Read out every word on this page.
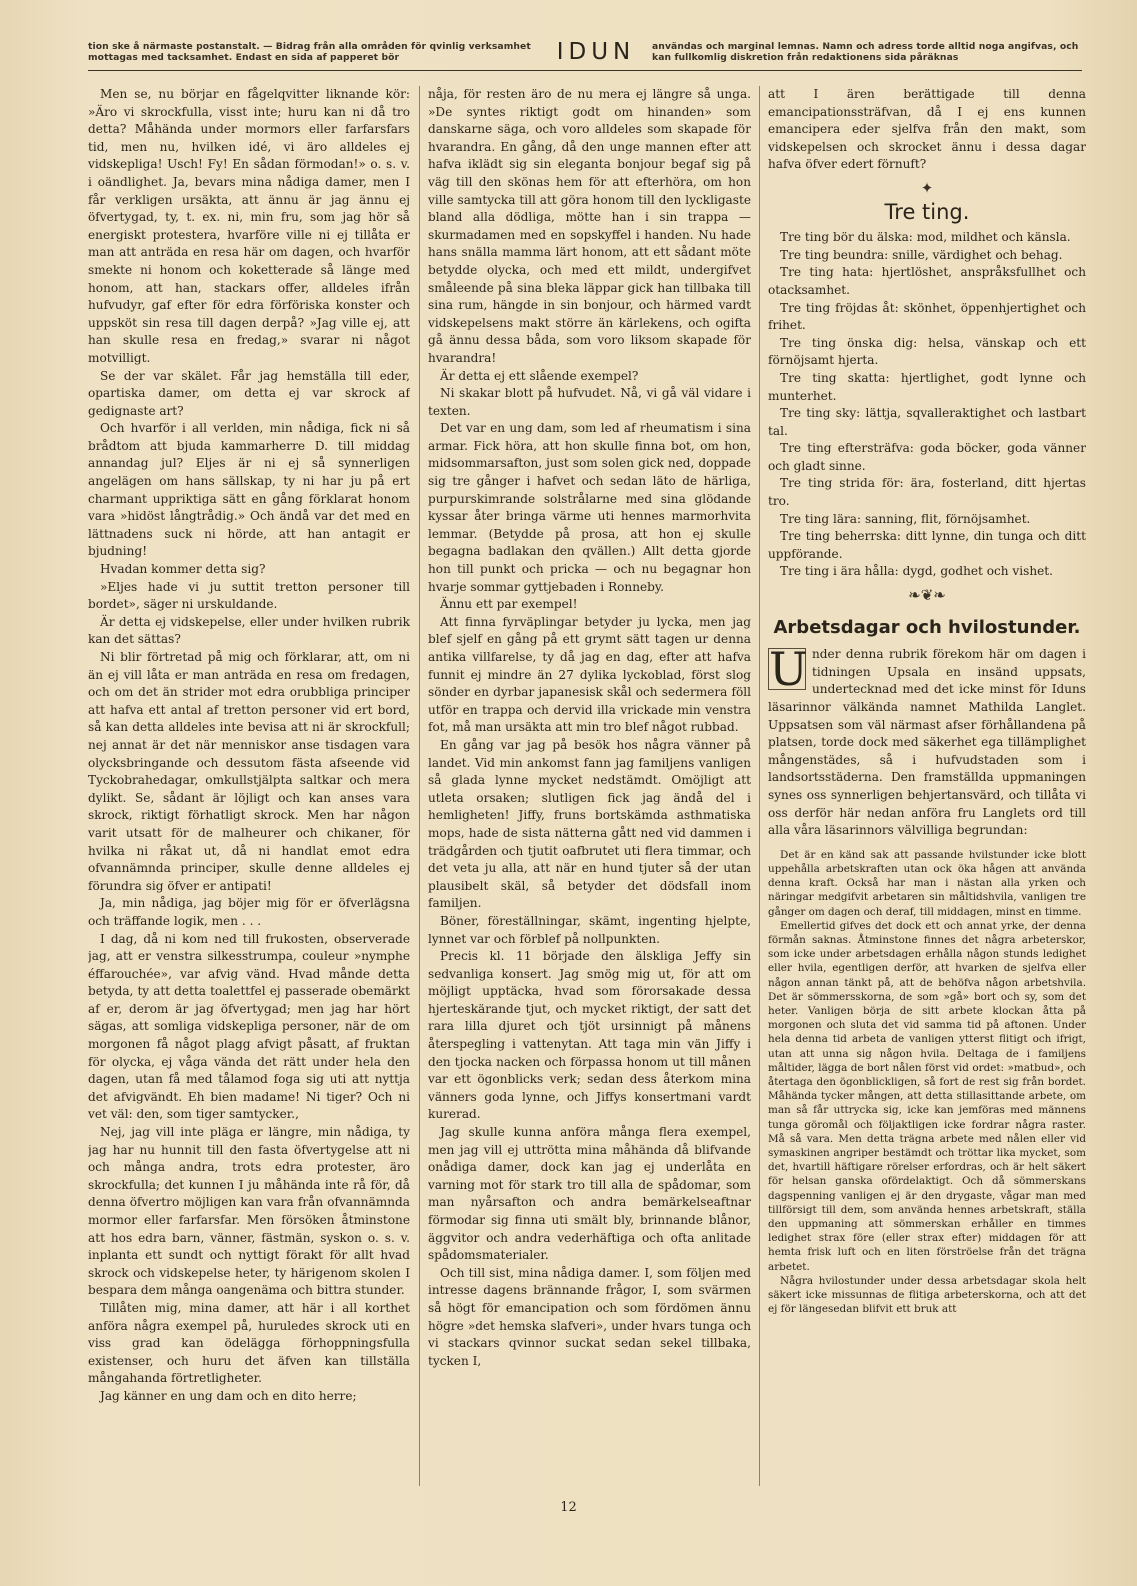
tion ske å närmaste postanstalt. — Bidrag från alla områden för qvinlig verksamhet mottagas med tacksamhet. Endast en sida af papperet bör	IDUN	användas och marginal lemnas. Namn och adress torde alltid noga angifvas, och kan fullkomlig diskretion från redaktionens sida påräknas

Men se, nu börjar en fågelqvitter liknande kör: »Äro vi skrockfulla, visst inte; huru kan ni då tro detta? Måhända under mormors eller farfarsfars tid, men nu, hvilken idé, vi äro alldeles ej vidskepliga! Usch! Fy! En sådan förmodan!» o. s. v. i oändlighet. Ja, bevars mina nådiga damer, men I får verkligen ursäkta, att ännu är jag ännu ej öfvertygad, ty, t. ex. ni, min fru, som jag hör så energiskt protestera, hvarföre ville ni ej tillåta er man att anträda en resa här om dagen, och hvarför smekte ni honom och koketterade så länge med honom, att han, stackars offer, alldeles ifrån hufvudyr, gaf efter för edra förföriska konster och uppsköt sin resa till dagen derpå? »Jag ville ej, att han skulle resa en fredag,» svarar ni något motvilligt.

Se der var skälet. Får jag hemställa till eder, opartiska damer, om detta ej var skrock af gedignaste art?

Och hvarför i all verlden, min nådiga, fick ni så brådtom att bjuda kammarherre D. till middag annandag jul? Eljes är ni ej så synnerligen angelägen om hans sällskap, ty ni har ju på ert charmant uppriktiga sätt en gång förklarat honom vara »hidöst långtrådig.» Och ändå var det med en lättnadens suck ni hörde, att han antagit er bjudning!

Hvadan kommer detta sig?

»Eljes hade vi ju suttit tretton personer till bordet», säger ni urskuldande.

Är detta ej vidskepelse, eller under hvilken rubrik kan det sättas?

Ni blir förtretad på mig och förklarar, att, om ni än ej vill låta er man anträda en resa om fredagen, och om det än strider mot edra orubbliga principer att hafva ett antal af tretton personer vid ert bord, så kan detta alldeles inte bevisa att ni är skrockfull; nej annat är det när menniskor anse tisdagen vara olycksbringande och dessutom fästa afseende vid Tyckobrahedagar, omkullstjälpta saltkar och mera dylikt. Se, sådant är löjligt och kan anses vara skrock, riktigt förhatligt skrock. Men har någon varit utsatt för de malheurer och chikaner, för hvilka ni råkat ut, då ni handlat emot edra ofvannämnda principer, skulle denne alldeles ej förundra sig öfver er antipati!

Ja, min nådiga, jag böjer mig för er öfverlägsna och träffande logik, men . . .

I dag, då ni kom ned till frukosten, observerade jag, att er venstra silkesstrumpa, couleur »nymphe éffarouchée», var afvig vänd. Hvad månde detta betyda, ty att detta toalettfel ej passerade obemärkt af er, derom är jag öfvertygad; men jag har hört sägas, att somliga vidskepliga personer, när de om morgonen få något plagg afvigt påsatt, af fruktan för olycka, ej våga vända det rätt under hela den dagen, utan få med tålamod foga sig uti att nyttja det afvigvändt. Eh bien madame! Ni tiger? Och ni vet väl: den, som tiger samtycker.,

Nej, jag vill inte pläga er längre, min nådiga, ty jag har nu hunnit till den fasta öfvertygelse att ni och många andra, trots edra protester, äro skrockfulla; det kunnen I ju måhända inte rå för, då denna öfvertro möjligen kan vara från ofvannämnda mormor eller farfarsfar. Men försöken åtminstone att hos edra barn, vänner, fästmän, syskon o. s. v. inplanta ett sundt och nyttigt förakt för allt hvad skrock och vidskepelse heter, ty härigenom skolen I bespara dem många oangenäma och bittra stunder.

Tillåten mig, mina damer, att här i all korthet anföra några exempel på, huruledes skrock uti en viss grad kan ödelägga förhoppningsfulla existenser, och huru det äfven kan tillställa mångahanda förtretligheter.

Jag känner en ung dam och en dito herre;

nåja, för resten äro de nu mera ej längre så unga. »De syntes riktigt godt om hinanden» som danskarne säga, och voro alldeles som skapade för hvarandra. En gång, då den unge mannen efter att hafva iklädt sig sin eleganta bonjour begaf sig på väg till den skönas hem för att efterhöra, om hon ville samtycka till att göra honom till den lyckligaste bland alla dödliga, mötte han i sin trappa — skurmadamen med en sopskyffel i handen. Nu hade hans snälla mamma lärt honom, att ett sådant möte betydde olycka, och med ett mildt, undergifvet småleende på sina bleka läppar gick han tillbaka till sina rum, hängde in sin bonjour, och härmed vardt vidskepelsens makt större än kärlekens, och ogifta gå ännu dessa båda, som voro liksom skapade för hvarandra!

Är detta ej ett slående exempel?

Ni skakar blott på hufvudet. Nå, vi gå väl vidare i texten.

Det var en ung dam, som led af rheumatism i sina armar. Fick höra, att hon skulle finna bot, om hon, midsommarsafton, just som solen gick ned, doppade sig tre gånger i hafvet och sedan läto de härliga, purpurskimrande solstrålarne med sina glödande kyssar åter bringa värme uti hennes marmorhvita lemmar. (Betydde på prosa, att hon ej skulle begagna badlakan den qvällen.) Allt detta gjorde hon till punkt och pricka — och nu begagnar hon hvarje sommar gyttjebaden i Ronneby.

Ännu ett par exempel!

Att finna fyrväplingar betyder ju lycka, men jag blef sjelf en gång på ett grymt sätt tagen ur denna antika villfarelse, ty då jag en dag, efter att hafva funnit ej mindre än 27 dylika lyckoblad, först slog sönder en dyrbar japanesisk skål och sedermera föll utför en trappa och dervid illa vrickade min venstra fot, må man ursäkta att min tro blef något rubbad.

En gång var jag på besök hos några vänner på landet. Vid min ankomst fann jag familjens vanligen så glada lynne mycket nedstämdt. Omöjligt att utleta orsaken; slutligen fick jag ändå del i hemligheten! Jiffy, fruns bortskämda asthmatiska mops, hade de sista nätterna gått ned vid dammen i trädgården och tjutit oafbrutet uti flera timmar, och det veta ju alla, att när en hund tjuter så der utan plausibelt skäl, så betyder det dödsfall inom familjen.

Böner, föreställningar, skämt, ingenting hjelpte, lynnet var och förblef på nollpunkten.

Precis kl. 11 började den älskliga Jeffy sin sedvanliga konsert. Jag smög mig ut, för att om möjligt upptäcka, hvad som förorsakade dessa hjerteskärande tjut, och mycket riktigt, der satt det rara lilla djuret och tjöt ursinnigt på månens återspegling i vattenytan. Att taga min vän Jiffy i den tjocka nacken och förpassa honom ut till månen var ett ögonblicks verk; sedan dess återkom mina vänners goda lynne, och Jiffys konsertmani vardt kurerad.

Jag skulle kunna anföra många flera exempel, men jag vill ej uttrötta mina måhända då blifvande onådiga damer, dock kan jag ej underlåta en varning mot för stark tro till alla de spådomar, som man nyårsafton och andra bemärkelseaftnar förmodar sig finna uti smält bly, brinnande blånor, äggvitor och andra vederhäftiga och ofta anlitade spådomsmaterialer.

Och till sist, mina nådiga damer. I, som följen med intresse dagens brännande frågor, I, som svärmen så högt för emancipation och som fördömen ännu högre »det hemska slafveri», under hvars tunga och vi stackars qvinnor suckat sedan sekel tillbaka, tycken I,

att I ären berättigade till denna emancipationssträfvan, då I ej ens kunnen emancipera eder sjelfva från den makt, som vidskepelsen och skrocket ännu i dessa dagar hafva öfver edert förnuft?

✦
Tre ting.

Tre ting bör du älska: mod, mildhet och känsla.

Tre ting beundra: snille, värdighet och behag.

Tre ting hata: hjertlöshet, anspråksfullhet och otacksamhet.

Tre ting fröjdas åt: skönhet, öppenhjertighet och frihet.

Tre ting önska dig: helsa, vänskap och ett förnöjsamt hjerta.

Tre ting skatta: hjertlighet, godt lynne och munterhet.

Tre ting sky: lättja, sqvalleraktighet och lastbart tal.

Tre ting eftersträfva: goda böcker, goda vänner och gladt sinne.

Tre ting strida för: ära, fosterland, ditt hjertas tro.

Tre ting lära: sanning, flit, förnöjsamhet.

Tre ting beherrska: ditt lynne, din tunga och ditt uppförande.

Tre ting i ära hålla: dygd, godhet och vishet.

❧❦❧
Arbetsdagar och hvilostunder.

U nder denna rubrik förekom här om dagen i tidningen Upsala en insänd uppsats, undertecknad med det icke minst för Iduns läsarinnor välkända namnet Mathilda Langlet. Uppsatsen som väl närmast afser förhållandena på platsen, torde dock med säkerhet ega tillämplighet mångenstädes, så i hufvudstaden som i landsortsstäderna. Den framställda uppmaningen synes oss synnerligen behjertansvärd, och tillåta vi oss derför här nedan anföra fru Langlets ord till alla våra läsarinnors välvilliga begrundan:

Det är en känd sak att passande hvilstunder icke blott uppehålla arbetskraften utan ock öka hågen att använda denna kraft. Också har man i nästan alla yrken och näringar medgifvit arbetaren sin måltidshvila, vanligen tre gånger om dagen och deraf, till middagen, minst en timme.

Emellertid gifves det dock ett och annat yrke, der denna förmån saknas. Åtminstone finnes det några arbeterskor, som icke under arbetsdagen erhålla någon stunds ledighet eller hvila, egentligen derför, att hvarken de sjelfva eller någon annan tänkt på, att de behöfva någon arbetshvila. Det är sömmersskorna, de som »gå» bort och sy, som det heter. Vanligen börja de sitt arbete klockan åtta på morgonen och sluta det vid samma tid på aftonen. Under hela denna tid arbeta de vanligen ytterst flitigt och ifrigt, utan att unna sig någon hvila. Deltaga de i familjens måltider, lägga de bort nålen först vid ordet: »matbud», och återtaga den ögonblickligen, så fort de rest sig från bordet. Måhända tycker mången, att detta stillasittande arbete, om man så får uttrycka sig, icke kan jemföras med männens tunga göromål och följaktligen icke fordrar några raster. Må så vara. Men detta trägna arbete med nålen eller vid symaskinen angriper bestämdt och tröttar lika mycket, som det, hvartill häftigare rörelser erfordras, och är helt säkert för helsan ganska ofördelaktigt. Och då sömmerskans dagspenning vanligen ej är den drygaste, vågar man med tillförsigt till dem, som använda hennes arbetskraft, ställa den uppmaning att sömmerskan erhåller en timmes ledighet strax före (eller strax efter) middagen för att hemta frisk luft och en liten förströelse från det trägna arbetet.

Några hvilostunder under dessa arbetsdagar skola helt säkert icke missunnas de flitiga arbeterskorna, och att det ej för längesedan blifvit ett bruk att

12
